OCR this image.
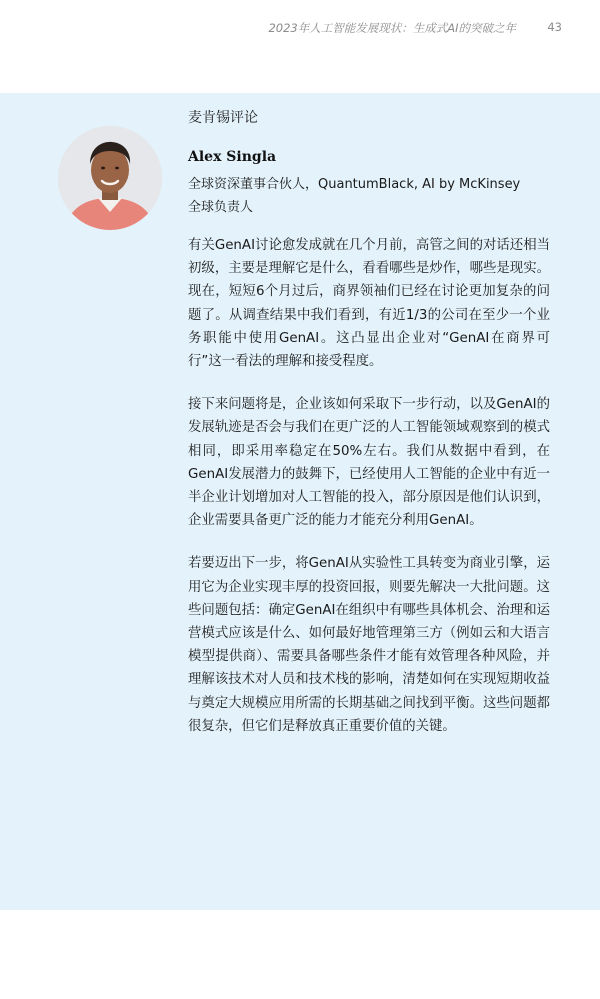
2023年人工智能发展现状：生成式AI的突破之年	43
麦肯锡评论
Alex Singla
全球资深董事合伙人，QuantumBlack, AI by McKinsey
全球负责人

有关GenAI讨论愈发成就在几个月前，高管之间的对话还相当初级，主要是理解它是什么，看看哪些是炒作，哪些是现实。现在，短短6个月过后，商界领袖们已经在讨论更加复杂的问题了。从调查结果中我们看到，有近1/3的公司在至少一个业务职能中使用GenAI。这凸显出企业对“GenAI在商界可行”这一看法的理解和接受程度。

接下来问题将是，企业该如何采取下一步行动，以及GenAI的发展轨迹是否会与我们在更广泛的人工智能领域观察到的模式相同，即采用率稳定在50%左右。我们从数据中看到，在GenAI发展潜力的鼓舞下，已经使用人工智能的企业中有近一半企业计划增加对人工智能的投入，部分原因是他们认识到，企业需要具备更广泛的能力才能充分利用GenAI。

若要迈出下一步，将GenAI从实验性工具转变为商业引擎，运用它为企业实现丰厚的投资回报，则要先解决一大批问题。这些问题包括：确定GenAI在组织中有哪些具体机会、治理和运营模式应该是什么、如何最好地管理第三方（例如云和大语言模型提供商）、需要具备哪些条件才能有效管理各种风险，并理解该技术对人员和技术栈的影响，清楚如何在实现短期收益与奠定大规模应用所需的长期基础之间找到平衡。这些问题都很复杂，但它们是释放真正重要价值的关键。
